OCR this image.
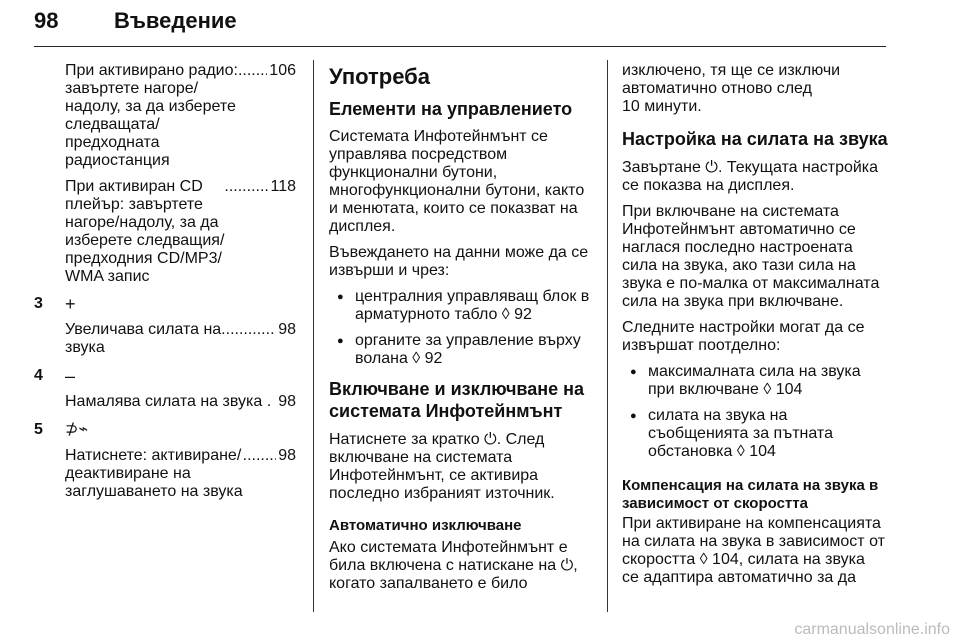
98	Въведение
При активирано радио:
завъртете нагоре/
надолу, за да изберете
следващата/
предходната
радиостанция
.....
106
При активиран CD
плейър: завъртете
нагоре/надолу, за да
изберете следващия/
предходния CD/MP3/
WMA запис
.....
118
3 +
Увеличава силата на
звука
.....
98
4 –
Намалява силата на звука . 98
5 ⊅⌁
Натиснете: активиране/
деактивиране на
заглушаването на звука
.....
98
Употреба
Елементи на управлението

Системата Инфотейнмънт се
управлява посредством
функционални бутони,
многофункционални бутони, както
и менютата, които се показват на
дисплея.

Въвеждането на данни може да се
извърши и чрез:

● централния управляващ блок в
арматурното табло ◊ 92
● органите за управление върху
волана ◊ 92
Включване и изключване на
системата Инфотейнмънт

Натиснете за кратко ⏻. След
включване на системата
Инфотейнмънт, се активира
последно избраният източник.

Автоматично изключване

Ако системата Инфотейнмънт е
била включена с натискане на ⏻,
когато запалването е било

изключено, тя ще се изключи
автоматично отново след
10 минути.

Настройка на силата на звука

Завъртане ⏻. Текущата настройка
се показва на дисплея.

При включване на системата
Инфотейнмънт автоматично се
наглася последно настроената
сила на звука, ако тази сила на
звука е по-малка от максималната
сила на звука при включване.

Следните настройки могат да се
извършат поотделно:

● максималната сила на звука
при включване ◊ 104
● силата на звука на
съобщенията за пътната
обстановка ◊ 104
Компенсация на силата на звука в
зависимост от скоростта

При активиране на компенсацията
на силата на звука в зависимост от
скоростта ◊ 104, силата на звука
се адаптира автоматично за да

carmanualsonline.info
